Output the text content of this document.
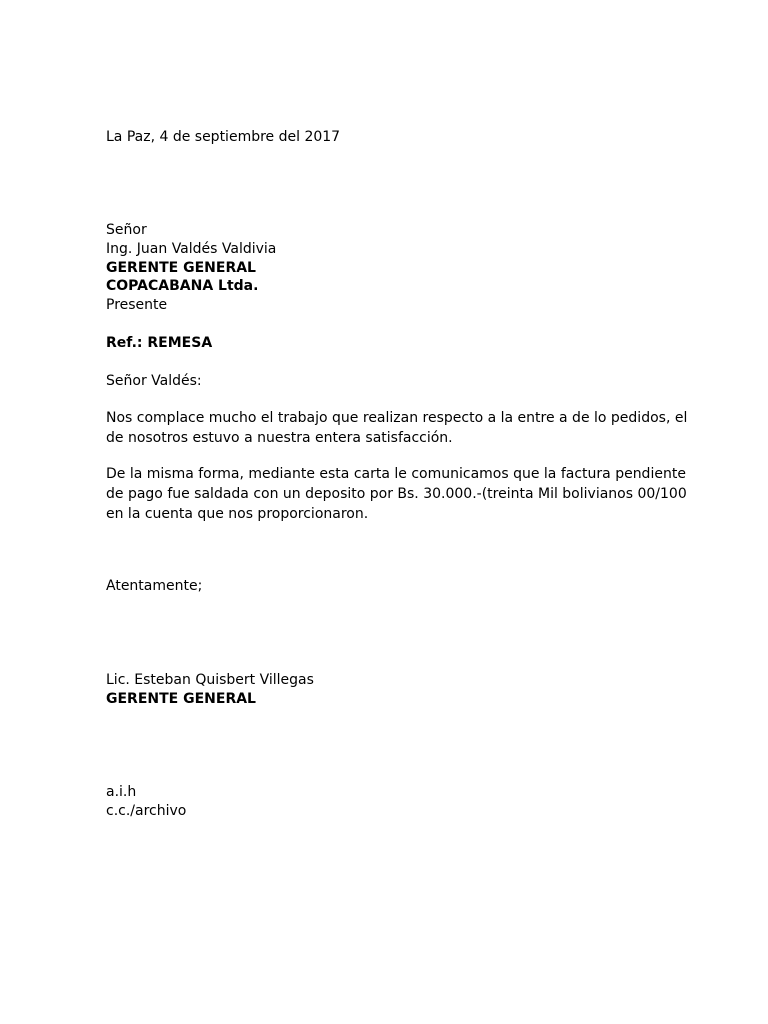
La Paz, 4 de septiembre del 2017
Señor
Ing. Juan Valdés Valdivia
GERENTE GENERAL
COPACABANA Ltda.
Presente
Ref.: REMESA
Señor Valdés:
Nos complace mucho el trabajo que realizan respecto a la entre a de lo pedidos, el
de nosotros estuvo a nuestra entera satisfacción.
De la misma forma, mediante esta carta le comunicamos que la factura pendiente
de pago fue saldada con un deposito por Bs. 30.000.-(treinta Mil bolivianos 00/100
en la cuenta que nos proporcionaron.
Atentamente;
Lic. Esteban Quisbert Villegas
GERENTE GENERAL
a.i.h
c.c./archivo
